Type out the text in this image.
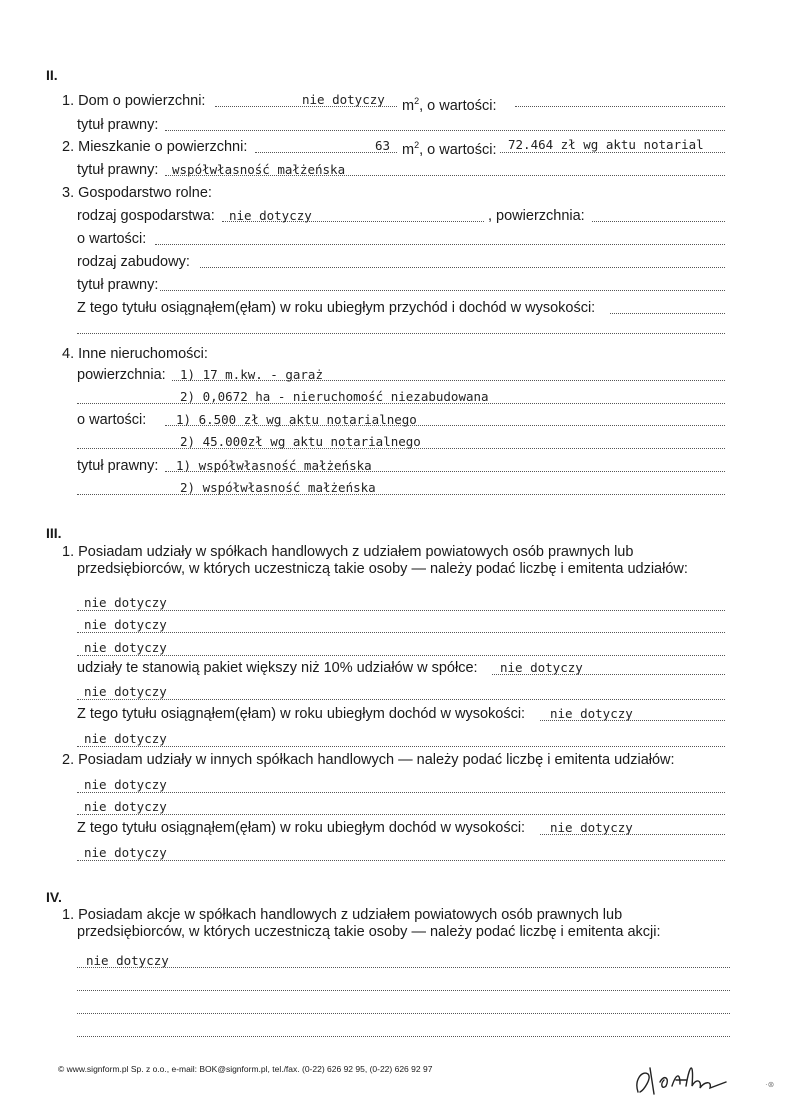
II.
1. Dom o powierzchni:	nie dotyczy $m^2$, o wartości:
tytuł prawny:
2. Mieszkanie o powierzchni:	63 $m^2$, o wartości: 72.464 zł wg aktu notarial
tytuł prawny: współwłasność małżeńska
3. Gospodarstwo rolne:
rodzaj gospodarstwa: nie dotyczy	, powierzchnia:
o wartości:
rodzaj zabudowy:
tytuł prawny:
Z tego tytułu osiągnąłem(ęłam) w roku ubiegłym przychód i dochód w wysokości:
4. Inne nieruchomości:
powierzchnia: 1) 17 m.kw. - garaż
2) 0,0672 ha - nieruchomość niezabudowana
o wartości: 1) 6.500 zł wg aktu notarialnego
2) 45.000zł wg aktu notarialnego
tytuł prawny: 1) współwłasność małżeńska
2) współwłasność małżeńska
III.
1. Posiadam udziały w spółkach handlowych z udziałem powiatowych osób prawnych lub
przedsiębiorców, w których uczestniczą takie osoby — należy podać liczbę i emitenta udziałów:
nie dotyczy
nie dotyczy
nie dotyczy
udziały te stanowią pakiet większy niż 10% udziałów w spółce: nie dotyczy
nie dotyczy
Z tego tytułu osiągnąłem(ęłam) w roku ubiegłym dochód w wysokości: nie dotyczy
nie dotyczy
2. Posiadam udziały w innych spółkach handlowych — należy podać liczbę i emitenta udziałów:
nie dotyczy
nie dotyczy
Z tego tytułu osiągnąłem(ęłam) w roku ubiegłym dochód w wysokości: nie dotyczy
nie dotyczy
IV.
1. Posiadam akcje w spółkach handlowych z udziałem powiatowych osób prawnych lub
przedsiębiorców, w których uczestniczą takie osoby — należy podać liczbę i emitenta akcji:
nie dotyczy
© www.signform.pl Sp. z o.o., e-mail: BOK@signform.pl, tel./fax. (0-22) 626 92 95, (0-22) 626 92 97
·⊗
